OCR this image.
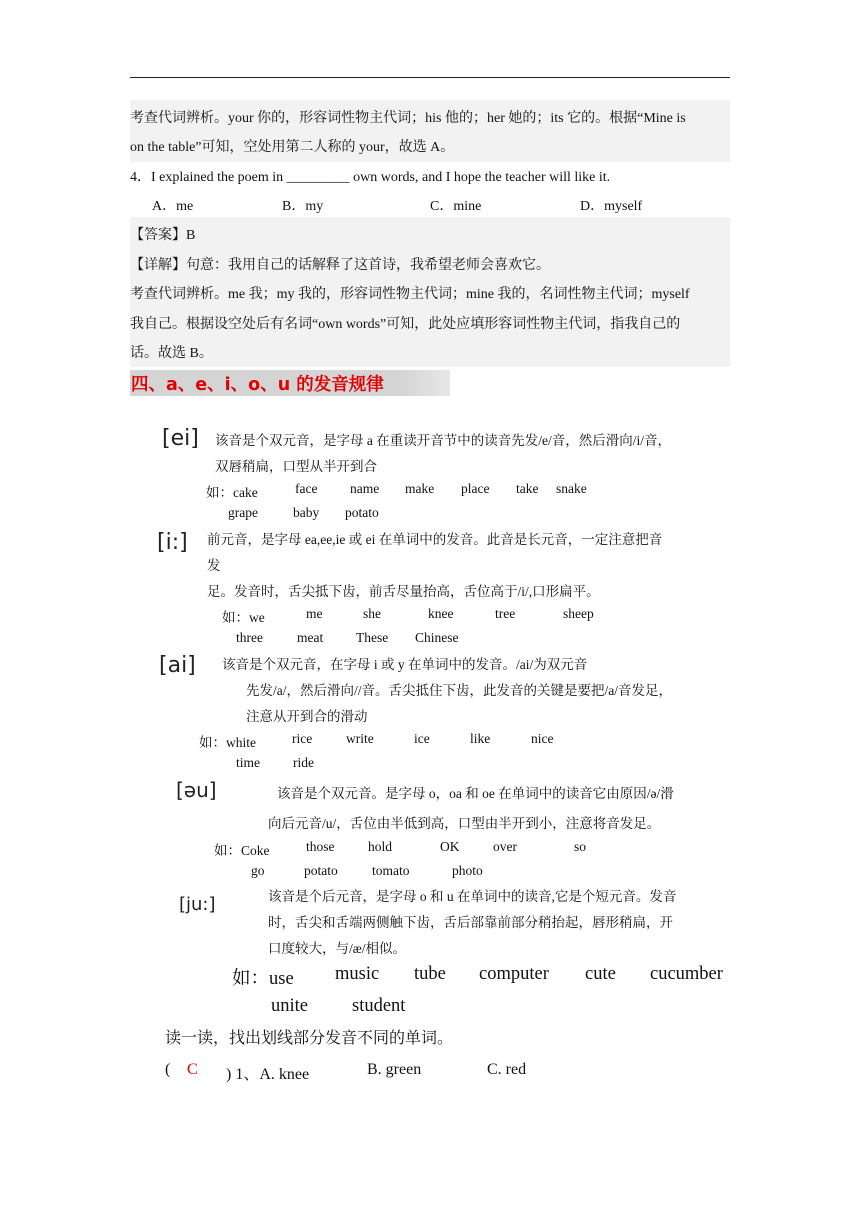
考查代词辨析。your 你的，形容词性物主代词；his 他的；her 她的；its 它的。根据“Mine is
on the table”可知，空处用第二人称的 your，故选 A。
4．I explained the poem in _________ own words, and I hope the teacher will like it.
A．me	B．my	C．mine	D．myself
【答案】B
【详解】句意：我用自己的话解释了这首诗，我希望老师会喜欢它。
考查代词辨析。me 我；my 我的，形容词性物主代词；mine 我的，名词性物主代词；myself
我自己。根据设空处后有名词“own words”可知，此处应填形容词性物主代词，指我自己的
话。故选 B。
四、a、e、i、o、u 的发音规律
[ei] 该音是个双元音，是字母 a 在重读开音节中的读音先发/e/音，然后滑向/i/音，
双唇稍扁，口型从半开到合
如：cake	face name make place take snake
grape	baby potato
[i:] 前元音，是字母 ea,ee,ie 或 ei 在单词中的发音。此音是长元音，一定注意把音
发
足。发音时，舌尖抵下齿，前舌尽量抬高，舌位高于/i/,口形扁平。
如：we	me	she	knee	tree	sheep
three	meat These Chinese
[ai] 该音是个双元音，在字母 i 或 y 在单词中的发音。/ai/为双元音
先发/a/，然后滑向//音。舌尖抵住下齿，此发音的关键是要把/a/音发足，
注意从开到合的滑动
如：white	rice	write	ice	like	nice
time ride
[əu]	该音是个双元音。是字母 o，oa 和 oe 在单词中的读音它由原因/ə/滑
向后元音/u/，舌位由半低到高，口型由半开到小，注意将音发足。
如：Coke	those hold	OK over	so
go	potato	tomato	photo
[ju:]	该音是个后元音，是字母 o 和 u 在单词中的读音,它是个短元音。发音
时，舌尖和舌端两侧触下齿，舌后部靠前部分稍抬起，唇形稍扁，开
口度较大，与/æ/相似。
如：use music tube computer cute cucumber
unite student
读一读，找出划线部分发音不同的单词。
( C ) 1、A. knee	B. green	C. red
